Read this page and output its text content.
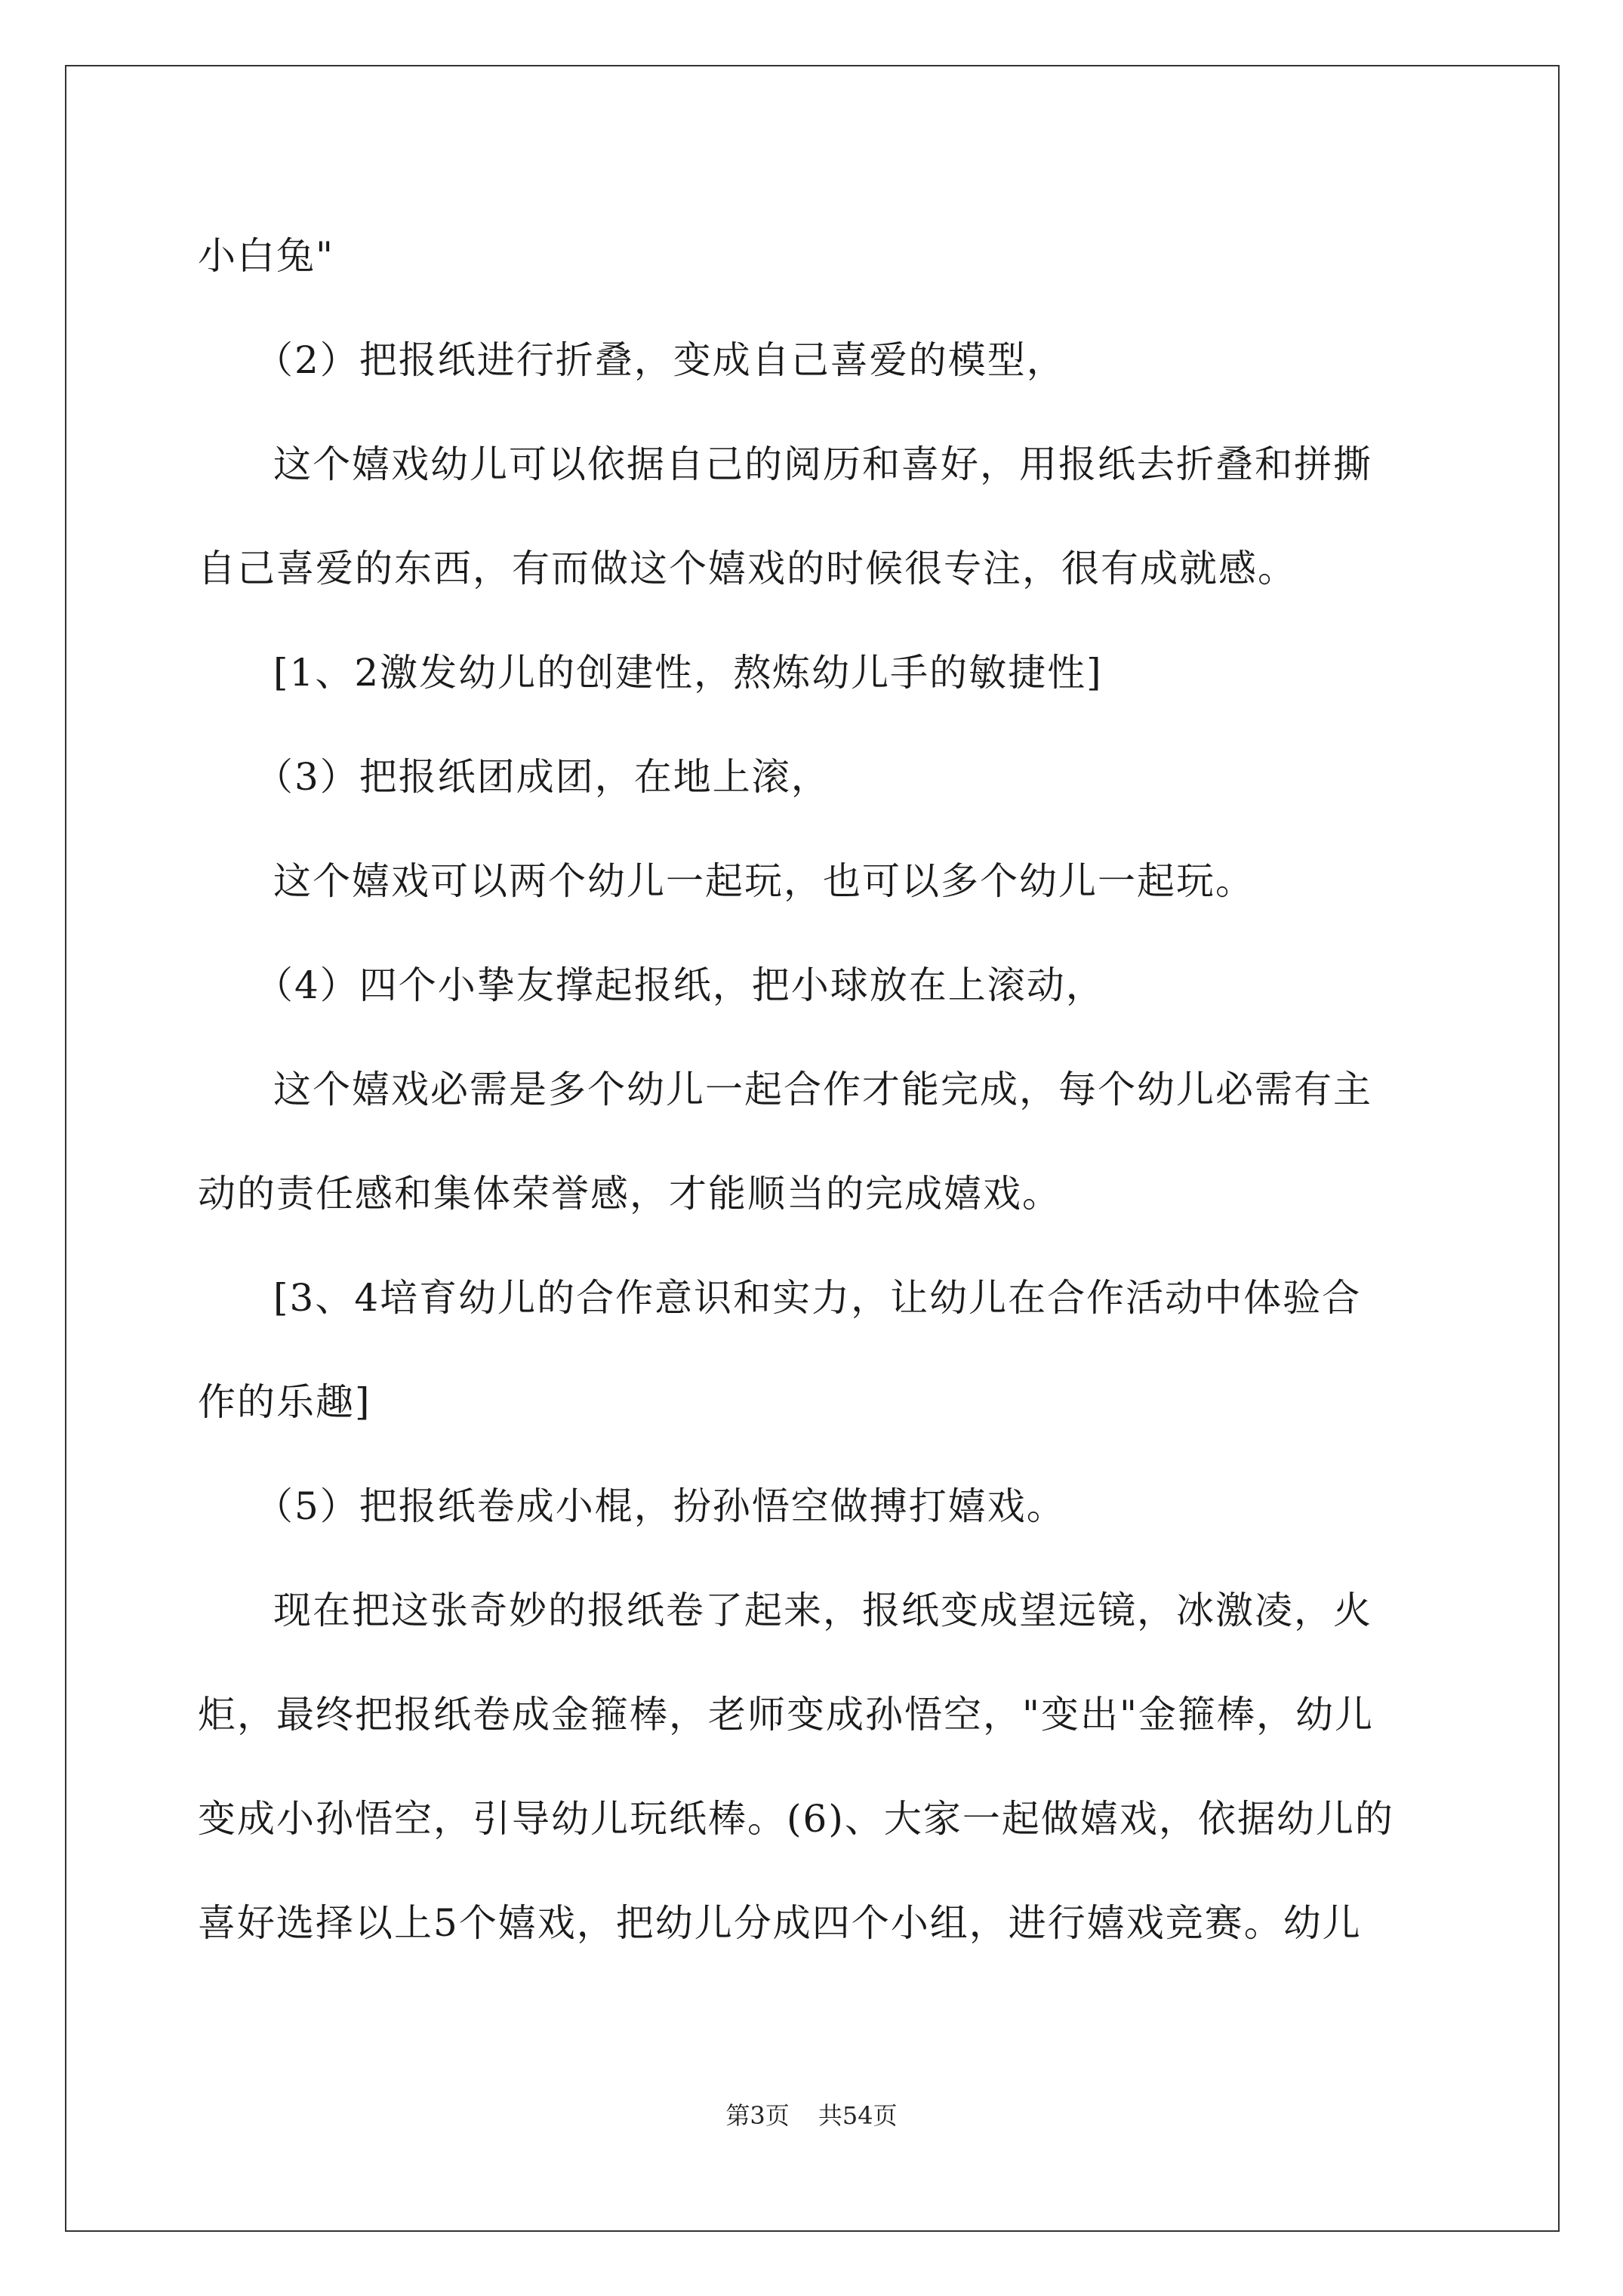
小白兔"
（2）把报纸进行折叠，变成自己喜爱的模型，
这个嬉戏幼儿可以依据自己的阅历和喜好，用报纸去折叠和拼撕
自己喜爱的东西，有而做这个嬉戏的时候很专注，很有成就感。
[1、2激发幼儿的创建性，熬炼幼儿手的敏捷性]
（3）把报纸团成团，在地上滚，
这个嬉戏可以两个幼儿一起玩，也可以多个幼儿一起玩。
（4）四个小挚友撑起报纸，把小球放在上滚动，
这个嬉戏必需是多个幼儿一起合作才能完成，每个幼儿必需有主
动的责任感和集体荣誉感，才能顺当的完成嬉戏。
[3、4培育幼儿的合作意识和实力，让幼儿在合作活动中体验合
作的乐趣]
（5）把报纸卷成小棍，扮孙悟空做搏打嬉戏。
现在把这张奇妙的报纸卷了起来，报纸变成望远镜，冰激凌，火
炬，最终把报纸卷成金箍棒，老师变成孙悟空，"变出"金箍棒，幼儿
变成小孙悟空，引导幼儿玩纸棒。(6)、大家一起做嬉戏，依据幼儿的
喜好选择以上5个嬉戏，把幼儿分成四个小组，进行嬉戏竞赛。幼儿
第3页 共54页
